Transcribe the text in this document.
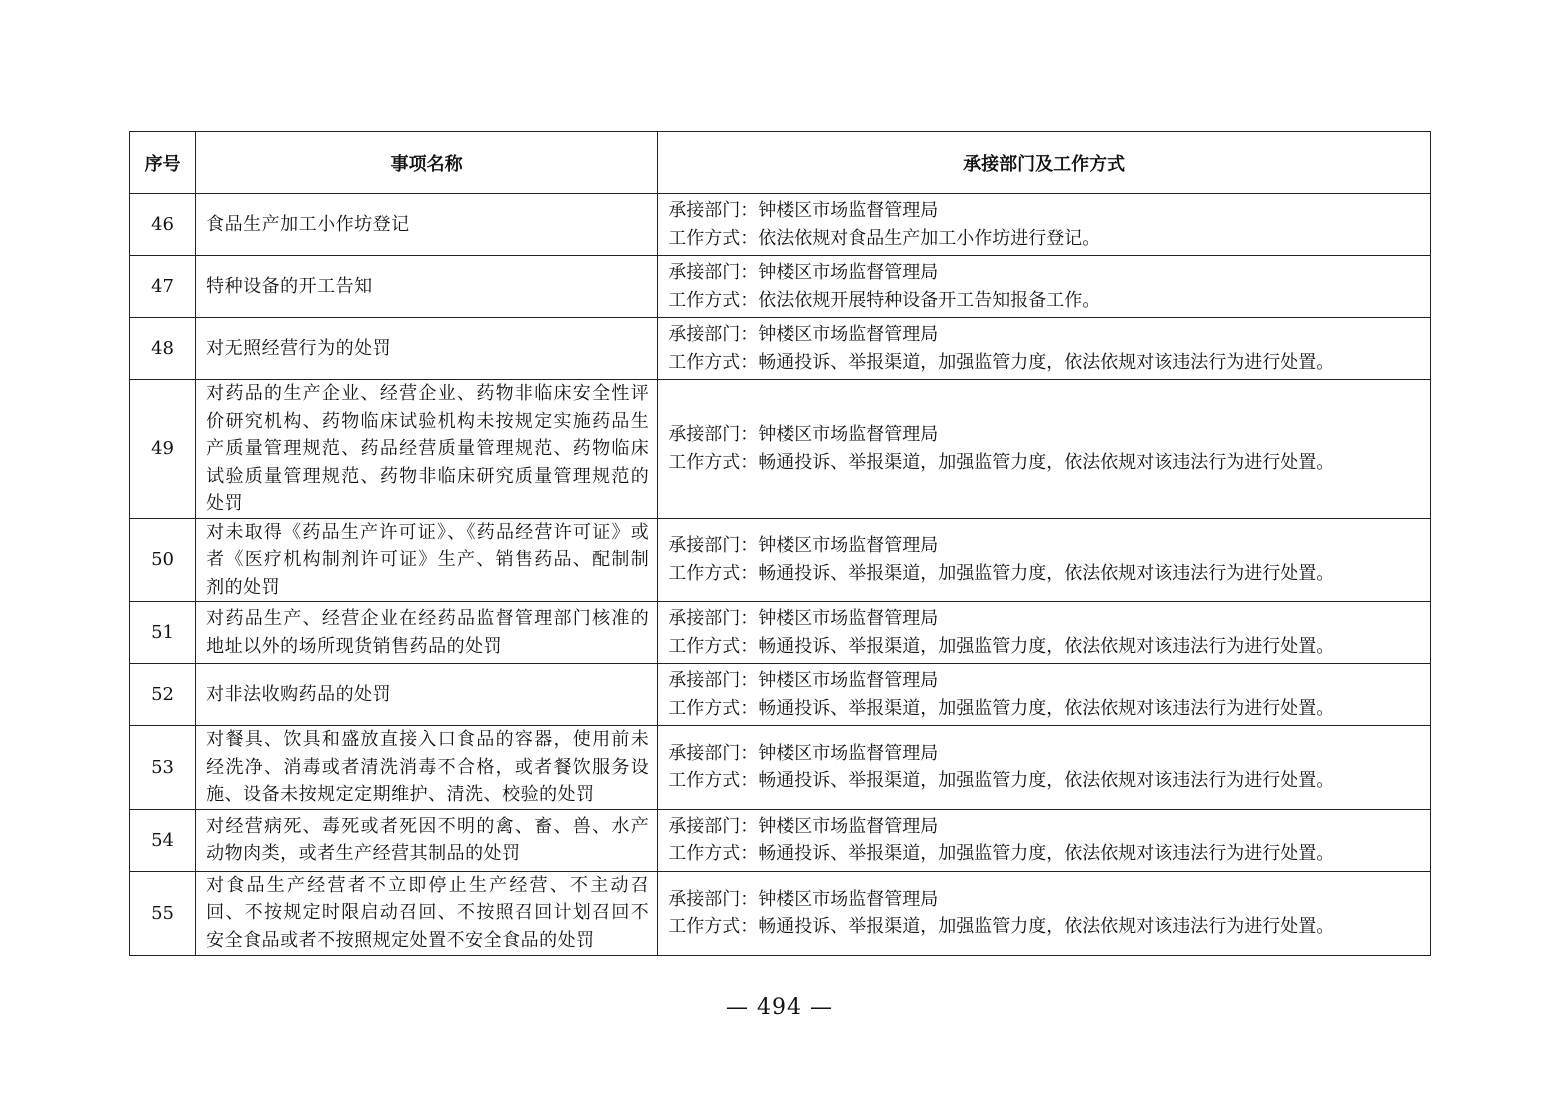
序号	事项名称	承接部门及工作方式
46	食品生产加工小作坊登记	承接部门：钟楼区市场监督管理局
工作方式：依法依规对食品生产加工小作坊进行登记。

47	特种设备的开工告知	承接部门：钟楼区市场监督管理局
工作方式：依法依规开展特种设备开工告知报备工作。

48	对无照经营行为的处罚	承接部门：钟楼区市场监督管理局
工作方式：畅通投诉、举报渠道，加强监管力度，依法依规对该违法行为进行处置。

49	对药品的生产企业、经营企业、药物非临床安全性评价研究机构、药物临床试验机构未按规定实施药品生产质量管理规范、药品经营质量管理规范、药物临床试验质量管理规范、药物非临床研究质量管理规范的处罚	承接部门：钟楼区市场监督管理局
工作方式：畅通投诉、举报渠道，加强监管力度，依法依规对该违法行为进行处置。

50	对未取得《药品生产许可证》、《药品经营许可证》或者《医疗机构制剂许可证》生产、销售药品、配制制剂的处罚	承接部门：钟楼区市场监督管理局
工作方式：畅通投诉、举报渠道，加强监管力度，依法依规对该违法行为进行处置。

51	对药品生产、经营企业在经药品监督管理部门核准的地址以外的场所现货销售药品的处罚	承接部门：钟楼区市场监督管理局
工作方式：畅通投诉、举报渠道，加强监管力度，依法依规对该违法行为进行处置。

52	对非法收购药品的处罚	承接部门：钟楼区市场监督管理局
工作方式：畅通投诉、举报渠道，加强监管力度，依法依规对该违法行为进行处置。

53	对餐具、饮具和盛放直接入口食品的容器，使用前未经洗净、消毒或者清洗消毒不合格，或者餐饮服务设施、设备未按规定定期维护、清洗、校验的处罚	承接部门：钟楼区市场监督管理局
工作方式：畅通投诉、举报渠道，加强监管力度，依法依规对该违法行为进行处置。

54	对经营病死、毒死或者死因不明的禽、畜、兽、水产动物肉类，或者生产经营其制品的处罚	承接部门：钟楼区市场监督管理局
工作方式：畅通投诉、举报渠道，加强监管力度，依法依规对该违法行为进行处置。

55	对食品生产经营者不立即停止生产经营、不主动召回、不按规定时限启动召回、不按照召回计划召回不安全食品或者不按照规定处置不安全食品的处罚	承接部门：钟楼区市场监督管理局
工作方式：畅通投诉、举报渠道，加强监管力度，依法依规对该违法行为进行处置。
— 494 —
